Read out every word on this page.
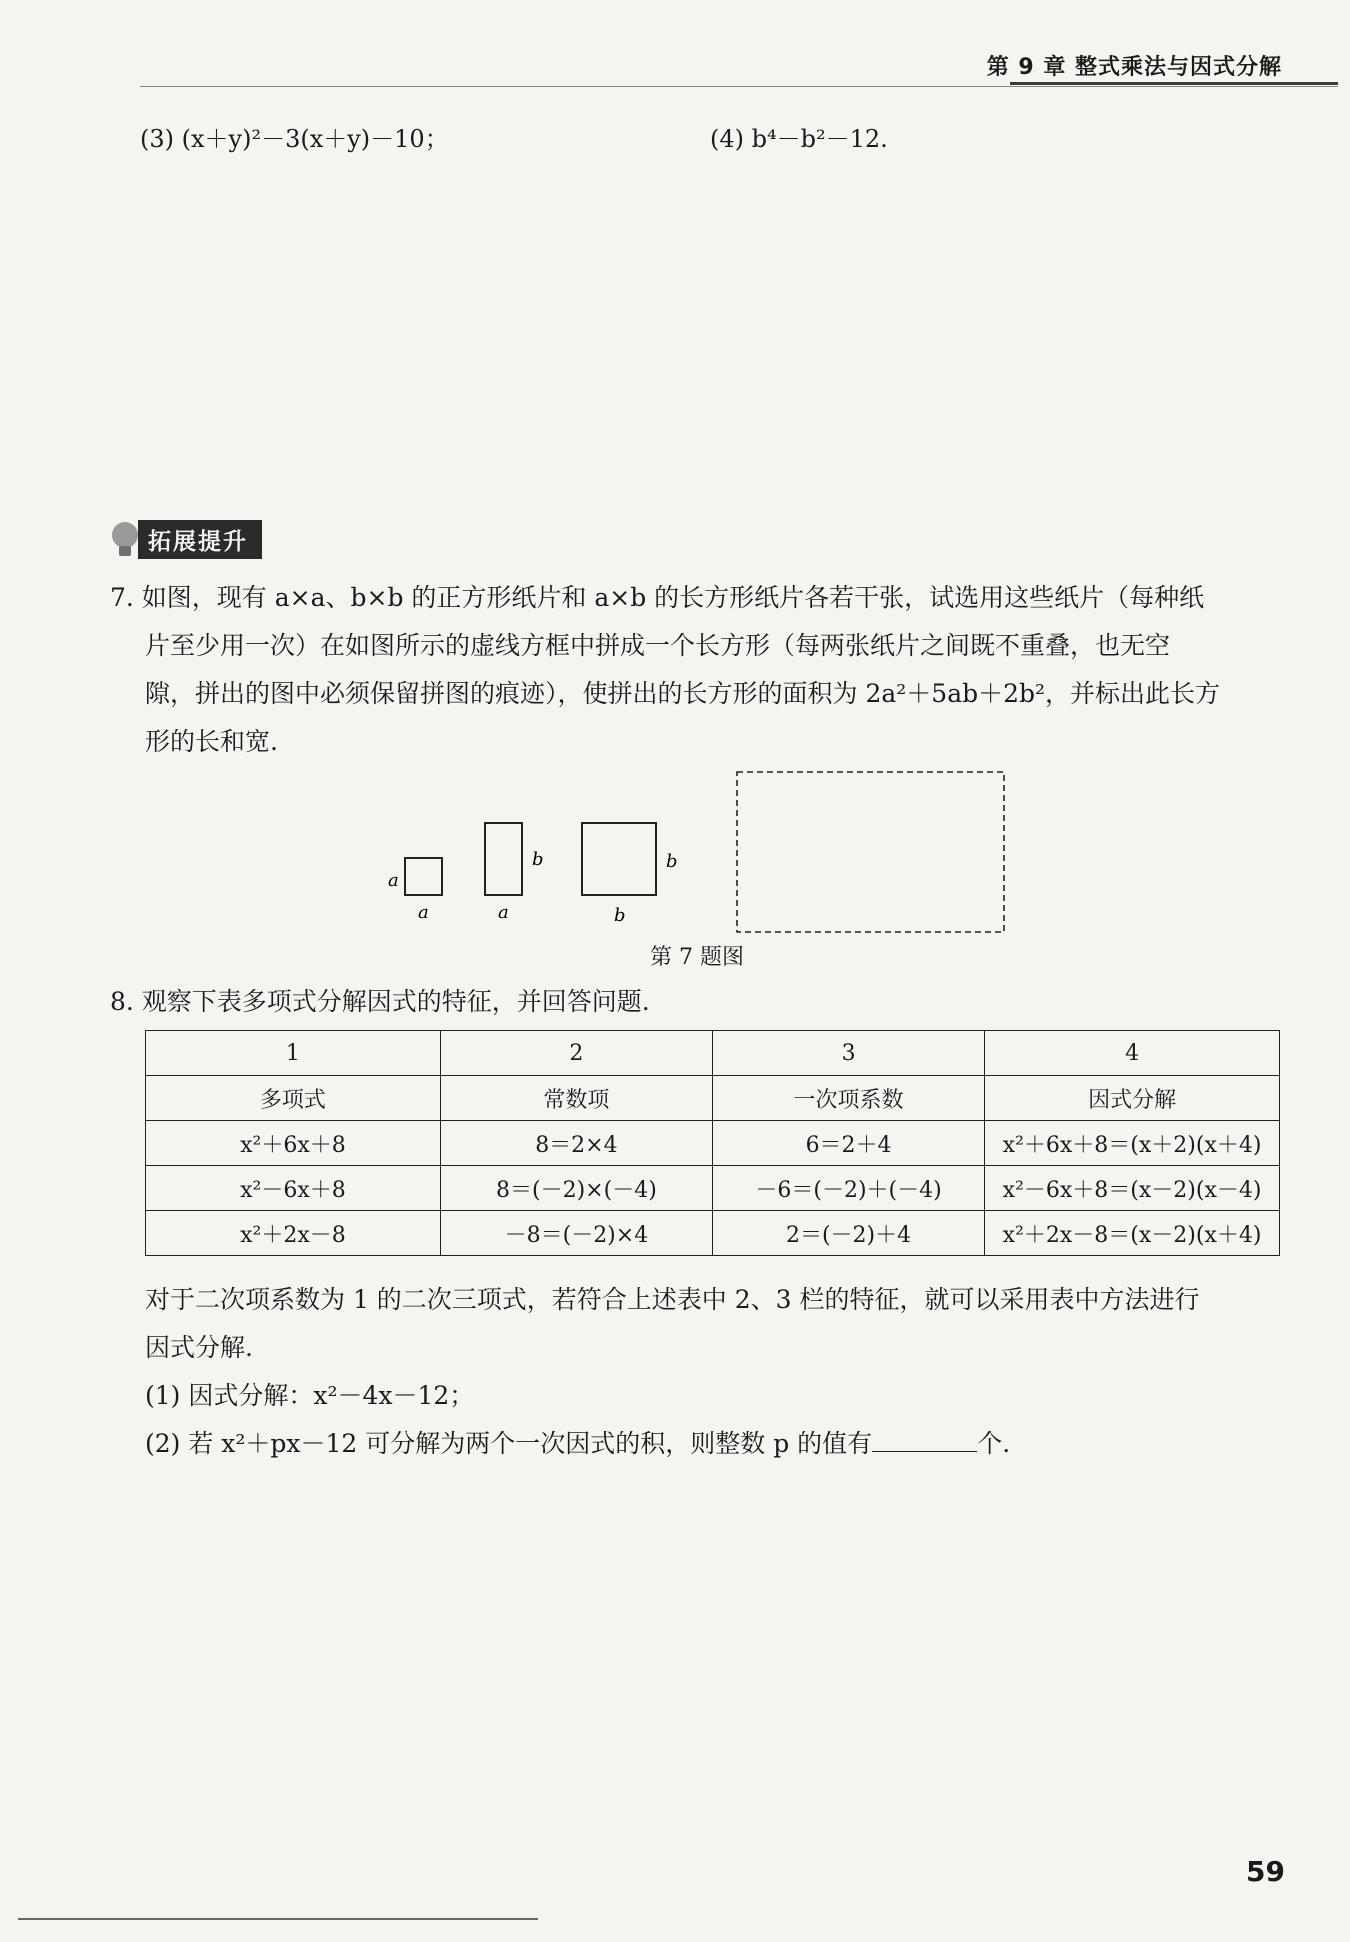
第 9 章 整式乘法与因式分解
(3) (x＋y)²－3(x＋y)－10；	(4) b⁴－b²－12.
拓展提升
7. 如图，现有 a×a、b×b 的正方形纸片和 a×b 的长方形纸片各若干张，试选用这些纸片（每种纸
片至少用一次）在如图所示的虚线方框中拼成一个长方形（每两张纸片之间既不重叠，也无空
隙，拼出的图中必须保留拼图的痕迹），使拼出的长方形的面积为 2a²＋5ab＋2b²，并标出此长方
形的长和宽.
a
a
b
a
b
b
第 7 题图
8. 观察下表多项式分解因式的特征，并回答问题.
1	2	3	4
多项式	常数项	一次项系数	因式分解
x²＋6x＋8	8＝2×4	6＝2＋4	x²＋6x＋8＝(x＋2)(x＋4)
x²－6x＋8	8＝(－2)×(－4)	－6＝(－2)＋(－4)	x²－6x＋8＝(x－2)(x－4)
x²＋2x－8	－8＝(－2)×4	2＝(－2)＋4	x²＋2x－8＝(x－2)(x＋4)
对于二次项系数为 1 的二次三项式，若符合上述表中 2、3 栏的特征，就可以采用表中方法进行
因式分解.
(1) 因式分解：x²－4x－12；
(2) 若 x²＋px－12 可分解为两个一次因式的积，则整数 p 的值有	个.
59
